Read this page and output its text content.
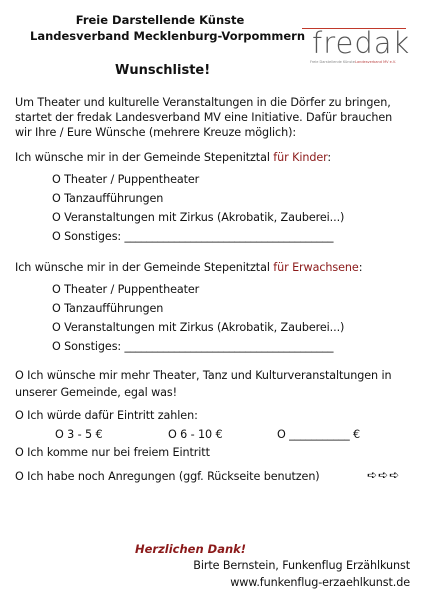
Freie Darstellende Künste
Landesverband Mecklenburg-Vorpommern fredak
Freie Darstellende Künste Landesverband MV e.V.
Wunschliste!
Um Theater und kulturelle Veranstaltungen in die Dörfer zu bringen,
startet der fredak Landesverband MV eine Initiative. Dafür brauchen
wir Ihre / Eure Wünsche (mehrere Kreuze möglich):
Ich wünsche mir in der Gemeinde Stepenitztal für Kinder:
O Theater / Puppentheater
O Tanzaufführungen
O Veranstaltungen mit Zirkus (Akrobatik, Zauberei...)
O Sonstiges: ______________________________________
Ich wünsche mir in der Gemeinde Stepenitztal für Erwachsene:
O Theater / Puppentheater
O Tanzaufführungen
O Veranstaltungen mit Zirkus (Akrobatik, Zauberei...)
O Sonstiges: ______________________________________
O Ich wünsche mir mehr Theater, Tanz und Kulturveranstaltungen in
unserer Gemeinde, egal was!
O Ich würde dafür Eintritt zahlen:
O 3 - 5 €	O 6 - 10 €	O ___________ €
O Ich komme nur bei freiem Eintritt
O Ich habe noch Anregungen (ggf. Rückseite benutzen)	➪➪➪
Herzlichen Dank!
Birte Bernstein, Funkenflug Erzählkunst
www.funkenflug-erzaehlkunst.de
